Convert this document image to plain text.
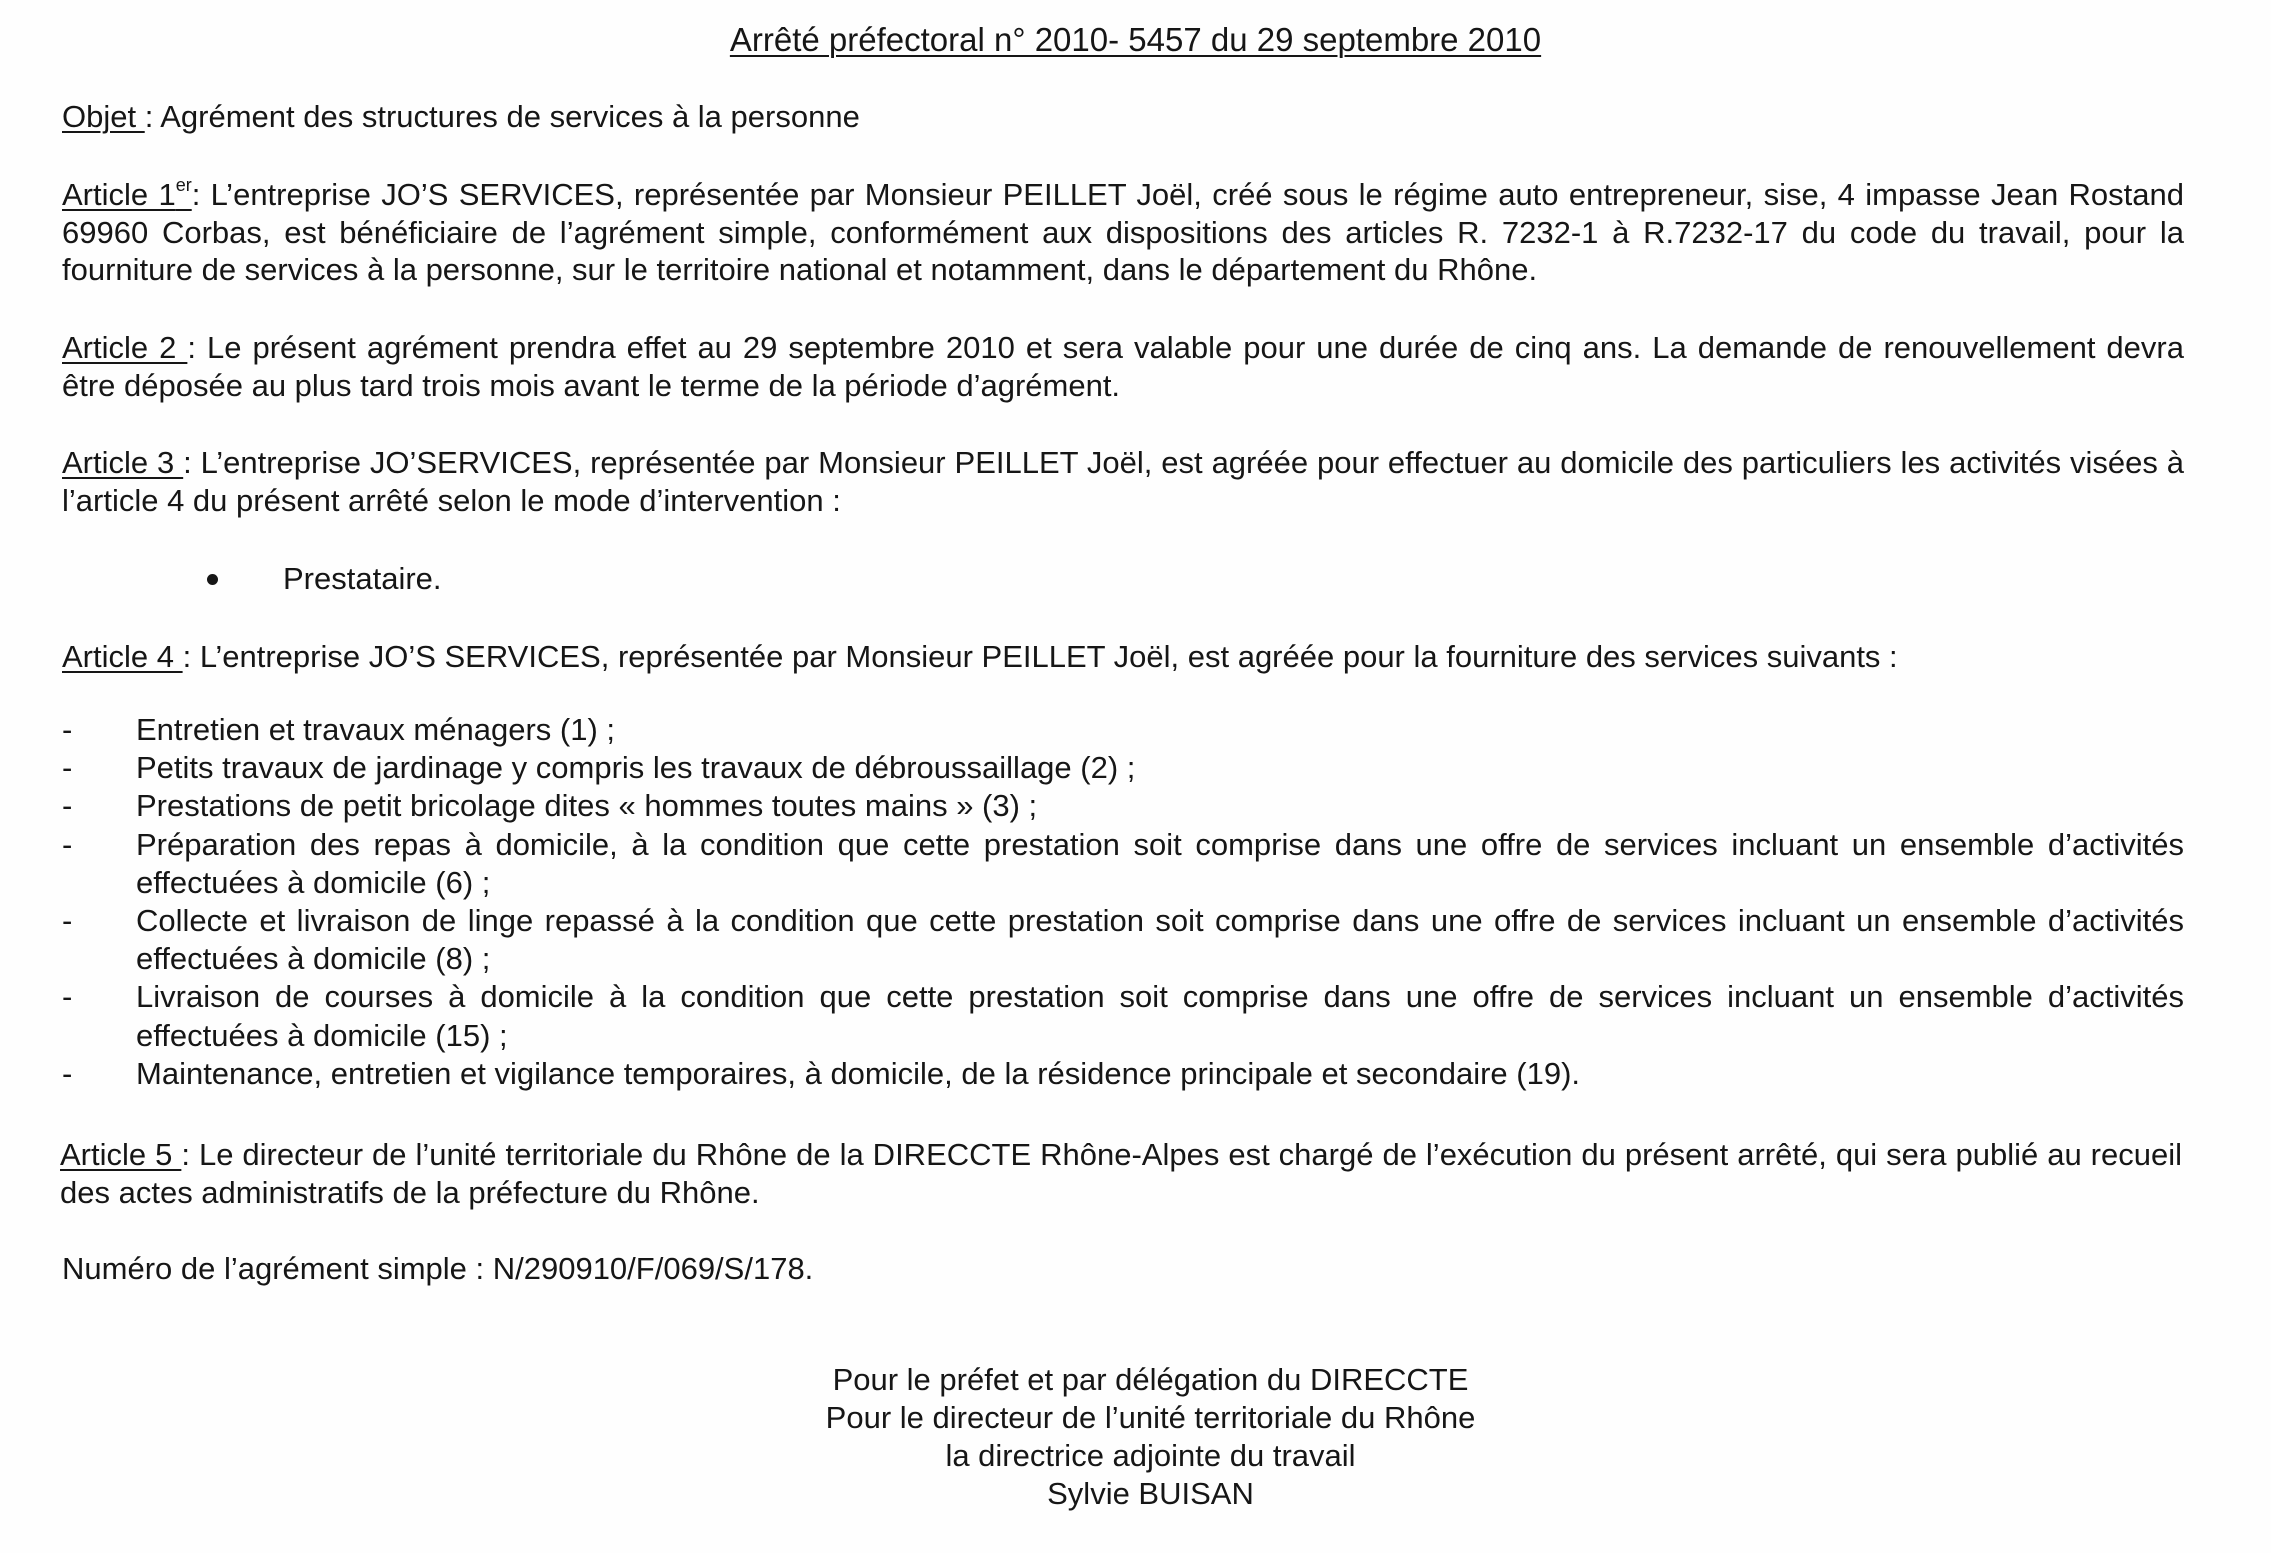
Arrêté préfectoral n° 2010- 5457 du 29 septembre 2010

Objet : Agrément des structures de services à la personne

Article 1er: L’entreprise JO’S SERVICES, représentée par Monsieur PEILLET Joël, créé sous le régime auto entrepreneur, sise, 4 impasse Jean Rostand 69960 Corbas, est bénéficiaire de l’agrément simple, conformément aux dispositions des articles R. 7232-1 à R.7232-17 du code du travail, pour la fourniture de services à la personne, sur le territoire national et notamment, dans le département du Rhône.

Article 2 : Le présent agrément prendra effet au 29 septembre 2010 et sera valable pour une durée de cinq ans. La demande de renouvellement devra être déposée au plus tard trois mois avant le terme de la période d’agrément.

Article 3 : L’entreprise JO’SERVICES, représentée par Monsieur PEILLET Joël, est agréée pour effectuer au domicile des particuliers les activités visées à l’article 4 du présent arrêté selon le mode d’intervention :

Prestataire.

Article 4 : L’entreprise JO’S SERVICES, représentée par Monsieur PEILLET Joël, est agréée pour la fourniture des services suivants :

- Entretien et travaux ménagers (1) ;
- Petits travaux de jardinage y compris les travaux de débroussaillage (2) ;
- Prestations de petit bricolage dites « hommes toutes mains » (3) ;
- Préparation des repas à domicile, à la condition que cette prestation soit comprise dans une offre de services incluant un ensemble d’activités effectuées à domicile (6) ;
- Collecte et livraison de linge repassé à la condition que cette prestation soit comprise dans une offre de services incluant un ensemble d’activités effectuées à domicile (8) ;
- Livraison de courses à domicile à la condition que cette prestation soit comprise dans une offre de services incluant un ensemble d’activités effectuées à domicile (15) ;
- Maintenance, entretien et vigilance temporaires, à domicile, de la résidence principale et secondaire (19).

Article 5 : Le directeur de l’unité territoriale du Rhône de la DIRECCTE Rhône-Alpes est chargé de l’exécution du présent arrêté, qui sera publié au recueil des actes administratifs de la préfecture du Rhône.

Numéro de l’agrément simple : N/290910/F/069/S/178.

Pour le préfet et par délégation du DIRECCTE
Pour le directeur de l’unité territoriale du Rhône
la directrice adjointe du travail
Sylvie BUISAN
